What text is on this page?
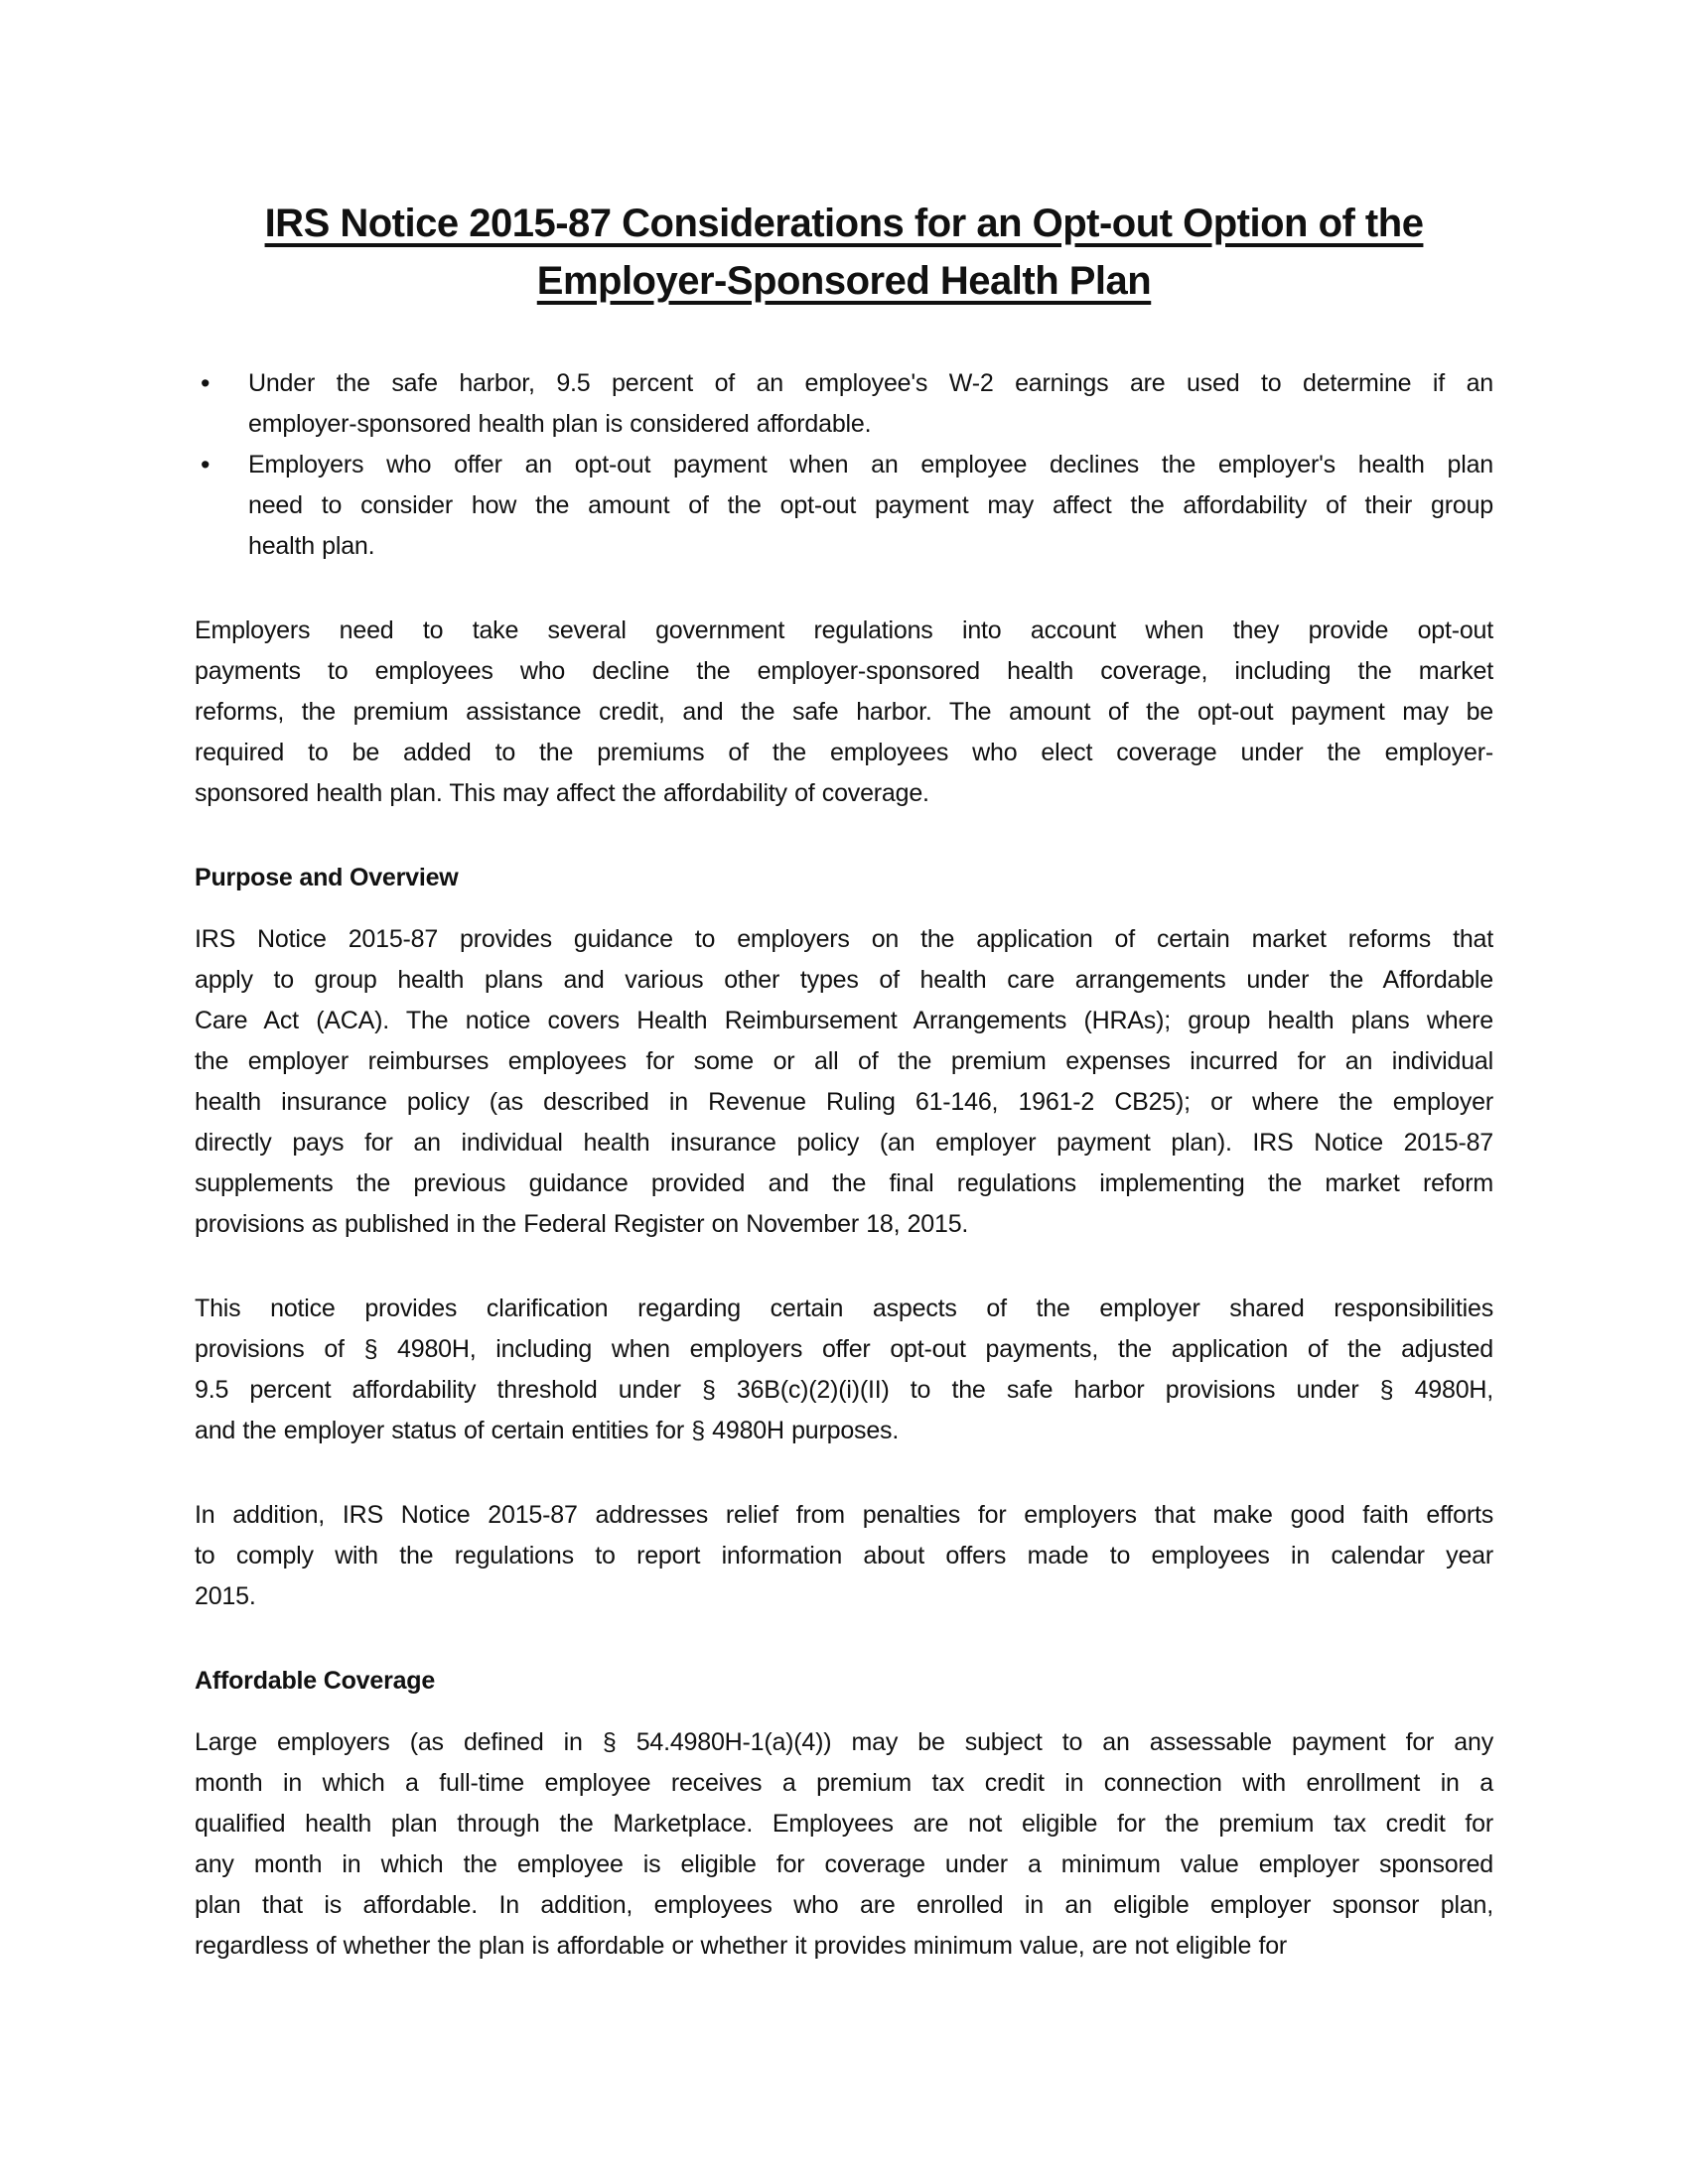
IRS Notice 2015-87 Considerations for an Opt-out Option of the
Employer-Sponsored Health Plan
• Under the safe harbor, 9.5 percent of an employee's W-2 earnings are used to determine if an
employer-sponsored health plan is considered affordable.
• Employers who offer an opt-out payment when an employee declines the employer's health plan
need to consider how the amount of the opt-out payment may affect the affordability of their group
health plan.
Employers need to take several government regulations into account when they provide opt-out
payments to employees who decline the employer-sponsored health coverage, including the market
reforms, the premium assistance credit, and the safe harbor. The amount of the opt-out payment may be
required to be added to the premiums of the employees who elect coverage under the employer-
sponsored health plan. This may affect the affordability of coverage.
Purpose and Overview
IRS Notice 2015-87 provides guidance to employers on the application of certain market reforms that
apply to group health plans and various other types of health care arrangements under the Affordable
Care Act (ACA). The notice covers Health Reimbursement Arrangements (HRAs); group health plans where
the employer reimburses employees for some or all of the premium expenses incurred for an individual
health insurance policy (as described in Revenue Ruling 61-146, 1961-2 CB25); or where the employer
directly pays for an individual health insurance policy (an employer payment plan). IRS Notice 2015-87
supplements the previous guidance provided and the final regulations implementing the market reform
provisions as published in the Federal Register on November 18, 2015.
This notice provides clarification regarding certain aspects of the employer shared responsibilities
provisions of § 4980H, including when employers offer opt-out payments, the application of the adjusted
9.5 percent affordability threshold under § 36B(c)(2)(i)(II) to the safe harbor provisions under § 4980H,
and the employer status of certain entities for § 4980H purposes.
In addition, IRS Notice 2015-87 addresses relief from penalties for employers that make good faith efforts
to comply with the regulations to report information about offers made to employees in calendar year
2015.
Affordable Coverage
Large employers (as defined in § 54.4980H-1(a)(4)) may be subject to an assessable payment for any
month in which a full-time employee receives a premium tax credit in connection with enrollment in a
qualified health plan through the Marketplace. Employees are not eligible for the premium tax credit for
any month in which the employee is eligible for coverage under a minimum value employer sponsored
plan that is affordable. In addition, employees who are enrolled in an eligible employer sponsor plan,
regardless of whether the plan is affordable or whether it provides minimum value, are not eligible for
